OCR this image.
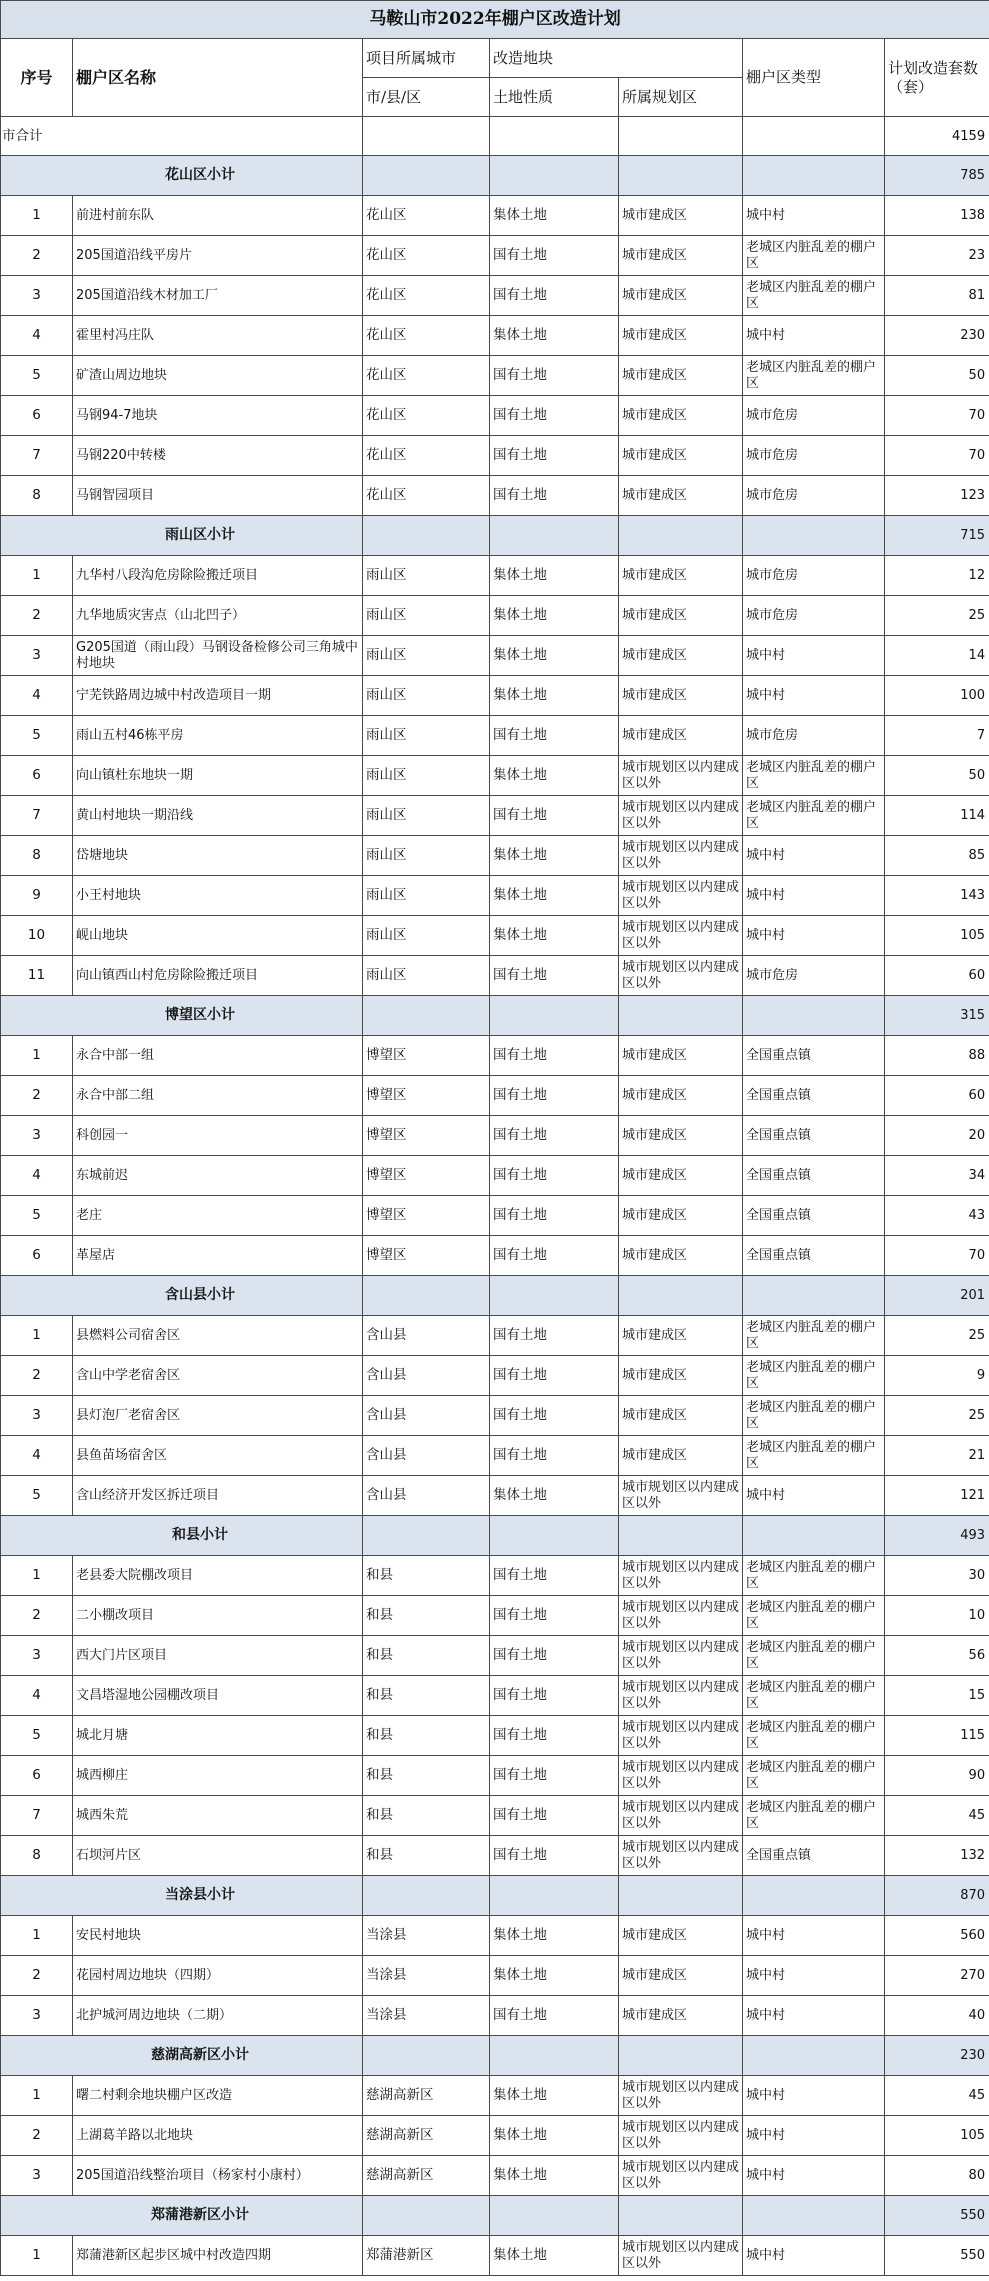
马鞍山市2022年棚户区改造计划						
序号	棚户区名称	项目所属城市	改造地块		棚户区类型	计划改造套数（套）
		市/县/区	土地性质	所属规划区		
市合计						4159
花山区小计						785
1	前进村前东队	花山区	集体土地	城市建成区	城中村	138
2	205国道沿线平房片	花山区	国有土地	城市建成区	老城区内脏乱差的棚户区	23
3	205国道沿线木材加工厂	花山区	国有土地	城市建成区	老城区内脏乱差的棚户区	81
4	霍里村冯庄队	花山区	集体土地	城市建成区	城中村	230
5	矿渣山周边地块	花山区	国有土地	城市建成区	老城区内脏乱差的棚户区	50
6	马钢94-7地块	花山区	国有土地	城市建成区	城市危房	70
7	马钢220中转楼	花山区	国有土地	城市建成区	城市危房	70
8	马钢智园项目	花山区	国有土地	城市建成区	城市危房	123
雨山区小计						715
1	九华村八段沟危房除险搬迁项目	雨山区	集体土地	城市建成区	城市危房	12
2	九华地质灾害点（山北凹子）	雨山区	集体土地	城市建成区	城市危房	25
3	G205国道（雨山段）马钢设备检修公司三角城中村地块	雨山区	集体土地	城市建成区	城中村	14
4	宁芜铁路周边城中村改造项目一期	雨山区	集体土地	城市建成区	城中村	100
5	雨山五村46栋平房	雨山区	国有土地	城市建成区	城市危房	7
6	向山镇杜东地块一期	雨山区	集体土地	城市规划区以内建成区以外	老城区内脏乱差的棚户区	50
7	黄山村地块一期沿线	雨山区	国有土地	城市规划区以内建成区以外	老城区内脏乱差的棚户区	114
8	岱塘地块	雨山区	集体土地	城市规划区以内建成区以外	城中村	85
9	小王村地块	雨山区	集体土地	城市规划区以内建成区以外	城中村	143
10	岘山地块	雨山区	集体土地	城市规划区以内建成区以外	城中村	105
11	向山镇西山村危房除险搬迁项目	雨山区	国有土地	城市规划区以内建成区以外	城市危房	60
博望区小计						315
1	永合中部一组	博望区	国有土地	城市建成区	全国重点镇	88
2	永合中部二组	博望区	国有土地	城市建成区	全国重点镇	60
3	科创园一	博望区	国有土地	城市建成区	全国重点镇	20
4	东城前迟	博望区	国有土地	城市建成区	全国重点镇	34
5	老庄	博望区	国有土地	城市建成区	全国重点镇	43
6	革屋店	博望区	国有土地	城市建成区	全国重点镇	70
含山县小计						201
1	县燃料公司宿舍区	含山县	国有土地	城市建成区	老城区内脏乱差的棚户区	25
2	含山中学老宿舍区	含山县	国有土地	城市建成区	老城区内脏乱差的棚户区	9
3	县灯泡厂老宿舍区	含山县	国有土地	城市建成区	老城区内脏乱差的棚户区	25
4	县鱼苗场宿舍区	含山县	国有土地	城市建成区	老城区内脏乱差的棚户区	21
5	含山经济开发区拆迁项目	含山县	集体土地	城市规划区以内建成区以外	城中村	121
和县小计						493
1	老县委大院棚改项目	和县	国有土地	城市规划区以内建成区以外	老城区内脏乱差的棚户区	30
2	二小棚改项目	和县	国有土地	城市规划区以内建成区以外	老城区内脏乱差的棚户区	10
3	西大门片区项目	和县	国有土地	城市规划区以内建成区以外	老城区内脏乱差的棚户区	56
4	文昌塔湿地公园棚改项目	和县	国有土地	城市规划区以内建成区以外	老城区内脏乱差的棚户区	15
5	城北月塘	和县	国有土地	城市规划区以内建成区以外	老城区内脏乱差的棚户区	115
6	城西柳庄	和县	国有土地	城市规划区以内建成区以外	老城区内脏乱差的棚户区	90
7	城西朱荒	和县	国有土地	城市规划区以内建成区以外	老城区内脏乱差的棚户区	45
8	石坝河片区	和县	国有土地	城市规划区以内建成区以外	全国重点镇	132
当涂县小计						870
1	安民村地块	当涂县	集体土地	城市建成区	城中村	560
2	花园村周边地块（四期）	当涂县	集体土地	城市建成区	城中村	270
3	北护城河周边地块（二期）	当涂县	国有土地	城市建成区	城中村	40
慈湖高新区小计						230
1	曙二村剩余地块棚户区改造	慈湖高新区	集体土地	城市规划区以内建成区以外	城中村	45
2	上湖葛羊路以北地块	慈湖高新区	集体土地	城市规划区以内建成区以外	城中村	105
3	205国道沿线整治项目（杨家村小康村）	慈湖高新区	集体土地	城市规划区以内建成区以外	城中村	80
郑蒲港新区小计						550
1	郑蒲港新区起步区城中村改造四期	郑蒲港新区	集体土地	城市规划区以内建成区以外	城中村	550
